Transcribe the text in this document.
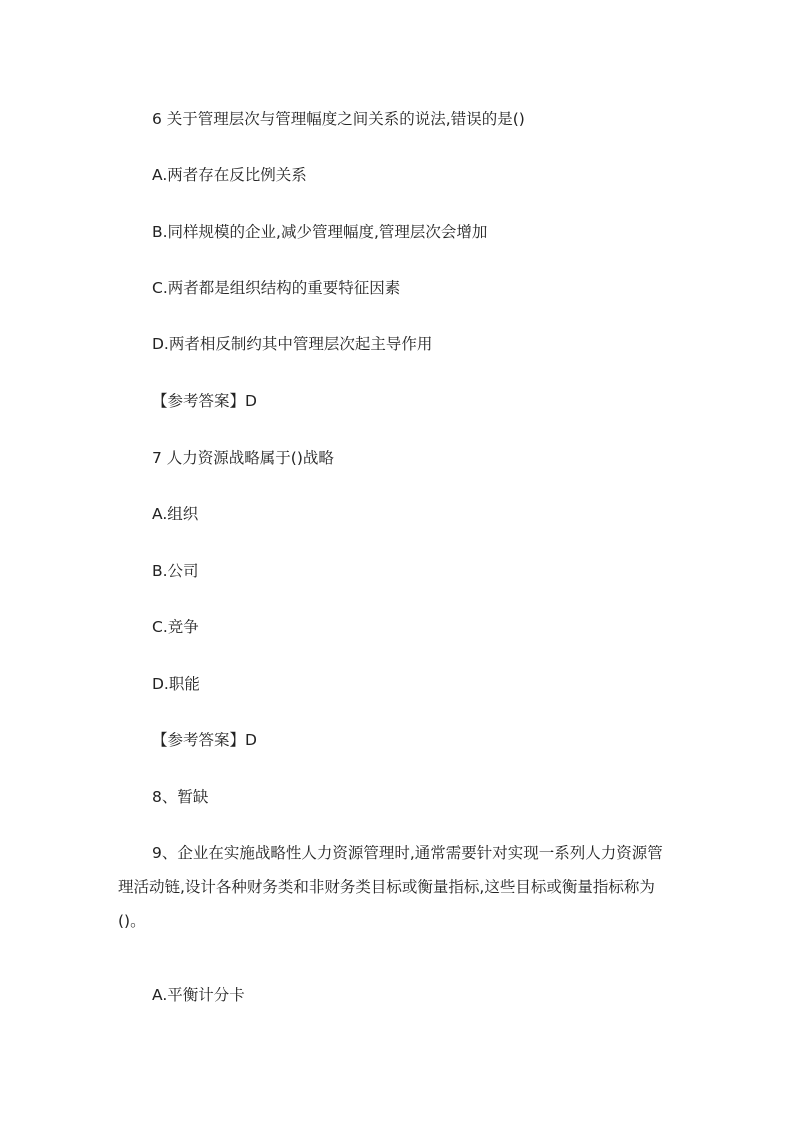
6 关于管理层次与管理幅度之间关系的说法,错误的是()
A.两者存在反比例关系
B.同样规模的企业,减少管理幅度,管理层次会增加
C.两者都是组织结构的重要特征因素
D.两者相反制约其中管理层次起主导作用
【参考答案】D
7 人力资源战略属于()战略
A.组织
B.公司
C.竞争
D.职能
【参考答案】D
8、暂缺
9、企业在实施战略性人力资源管理时,通常需要针对实现一系列人力资源管理活动链,设计各种财务类和非财务类目标或衡量指标,这些目标或衡量指标称为()。
A.平衡计分卡
